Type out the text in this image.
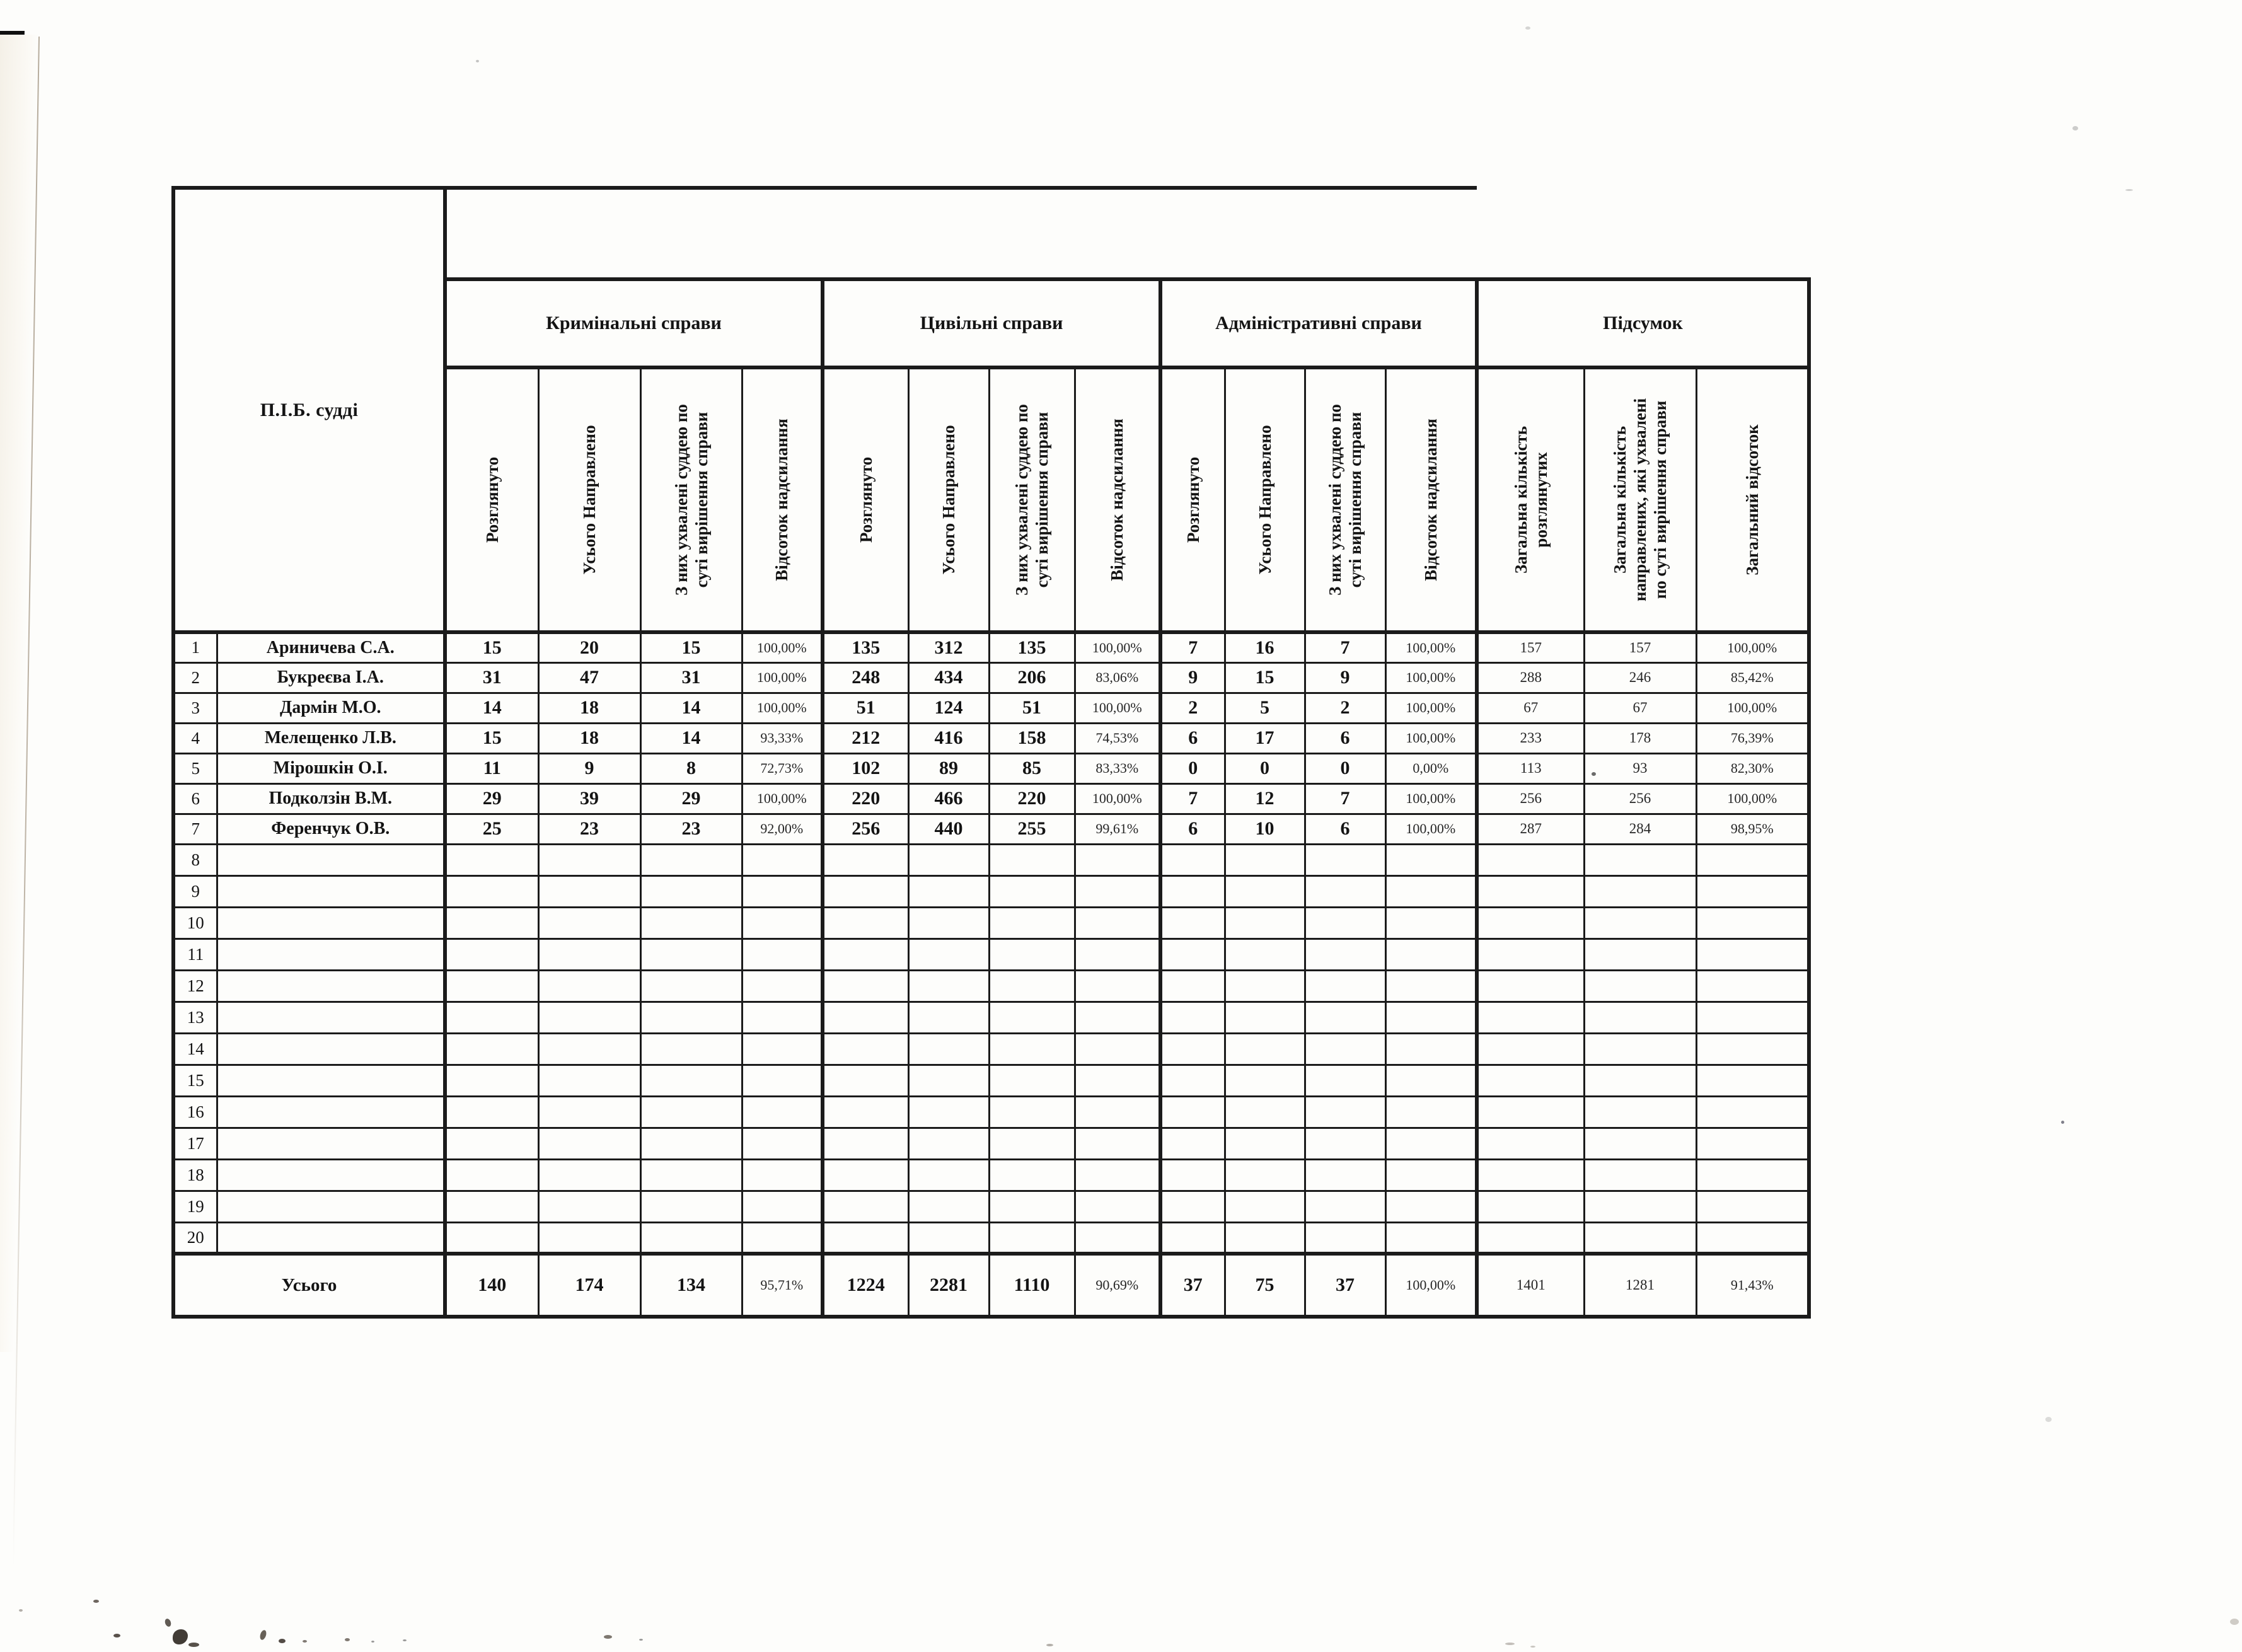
П.І.Б. судді																
		Кримінальні справи				Цивільні справи				Адміністративні справи				Підсумок		

		Розглянуто	Усього Направлено	З них ухвалені суддею по суті вирішення справи	Відсоток надсилання	Розглянуто	Усього Направлено	З них ухвалені суддею по суті вирішення справи	Відсоток надсилання	Розглянуто	Усього Направлено	З них ухвалені суддею по суті вирішення справи	Відсоток надсилання	Загальна кількість розглянутих	Загальна кількість направлених, які ухвалені по суті вирішення справи	Загальний відсоток

1	Ариничева С.А.	15	20	15	100,00%	135	312	135	100,00%	7	16	7	100,00%	157	157	100,00%
2	Букреєва І.А.	31	47	31	100,00%	248	434	206	83,06%	9	15	9	100,00%	288	246	85,42%
3	Дармін М.О.	14	18	14	100,00%	51	124	51	100,00%	2	5	2	100,00%	67	67	100,00%
4	Мелещенко Л.В.	15	18	14	93,33%	212	416	158	74,53%	6	17	6	100,00%	233	178	76,39%
5	Мірошкін О.І.	11	9	8	72,73%	102	89	85	83,33%	0	0	0	0,00%	113	93	82,30%
6	Подколзін В.М.	29	39	29	100,00%	220	466	220	100,00%	7	12	7	100,00%	256	256	100,00%
7	Ференчук О.В.	25	23	23	92,00%	256	440	255	99,61%	6	10	6	100,00%	287	284	98,95%
8																
9																
10																
11																
12																
13																
14																
15																
16																
17																
18																
19																
20																
Усього		140	174	134	95,71%	1224	2281	1110	90,69%	37	75	37	100,00%	1401	1281	91,43%
